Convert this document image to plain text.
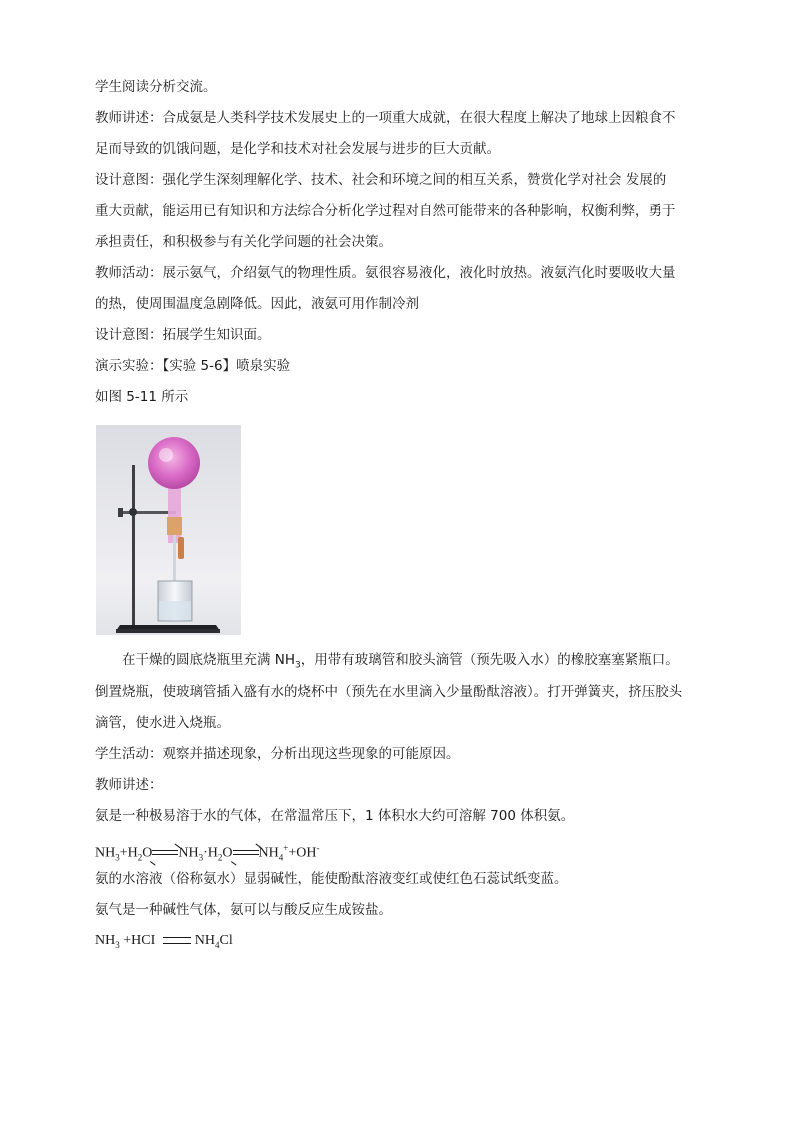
学生阅读分析交流。
教师讲述：合成氨是人类科学技术发展史上的一项重大成就，在很大程度上解决了地球上因粮食不
足而导致的饥饿问题，是化学和技术对社会发展与进步的巨大贡献。
设计意图：强化学生深刻理解化学、技术、社会和环境之间的相互关系，赞赏化学对社会 发展的
重大贡献，能运用已有知识和方法综合分析化学过程对自然可能带来的各种影响，权衡利弊，勇于
承担责任，和积极参与有关化学问题的社会决策。
教师活动：展示氨气，介绍氨气的物理性质。氨很容易液化，液化时放热。液氨汽化时要吸收大量
的热，使周围温度急剧降低。因此，液氨可用作制冷剂
设计意图：拓展学生知识面。
演示实验：【实验 5-6】喷泉实验
如图 5-11 所示
在干燥的圆底烧瓶里充满 $NH_3$，用带有玻璃管和胶头滴管（预先吸入水）的橡胶塞塞紧瓶口。
倒置烧瓶，使玻璃管插入盛有水的烧杯中（预先在水里滴入少量酚酞溶液）。打开弹簧夹，挤压胶头
滴管，使水进入烧瓶。
学生活动：观察并描述现象，分析出现这些现象的可能原因。
教师讲述：
氨是一种极易溶于水的气体，在常温常压下，1 体积水大约可溶解 700 体积氨。
$NH_3+H_2O\to NH_3\cdot H_2O\to NH_4^++OH^-$
氨的水溶液（俗称氨水）显弱碱性，能使酚酞溶液变红或使红色石蕊试纸变蓝。
氨气是一种碱性气体，氨可以与酸反应生成铵盐。
$NH_3 +HCI$	$NH_4Cl$
